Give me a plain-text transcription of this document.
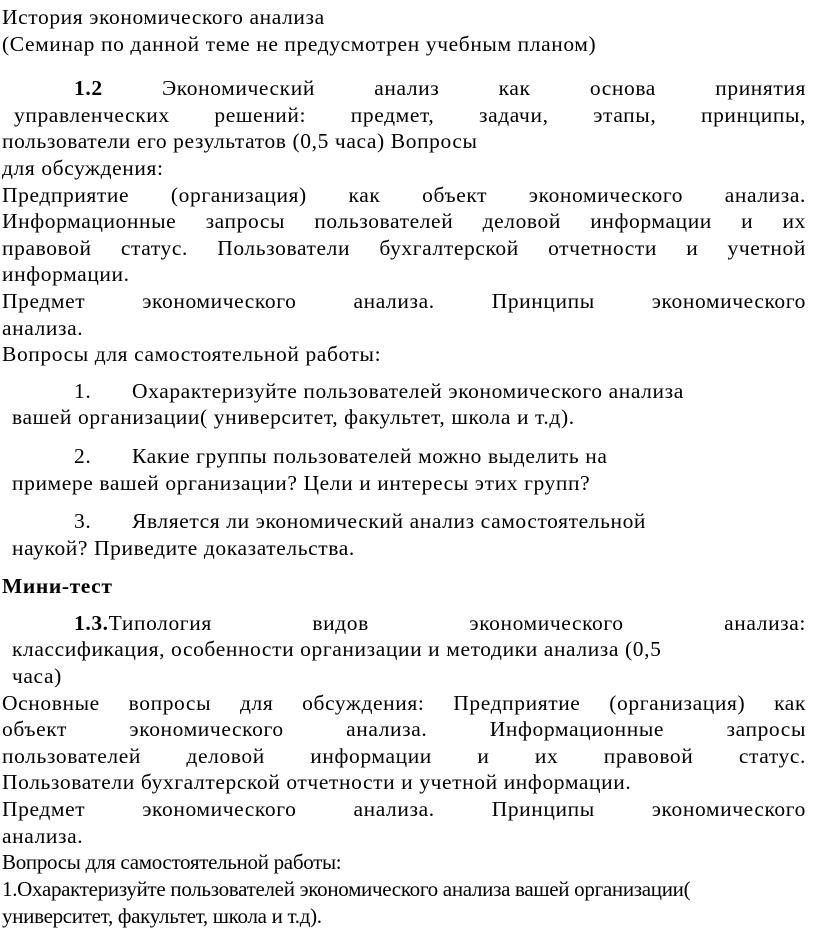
История экономического анализа
(Семинар по данной теме не предусмотрен учебным планом)
1.2 Экономический анализ как основа принятия
управленческих решений: предмет, задачи, этапы, принципы,
пользователи его результатов (0,5 часа) Вопросы
для обсуждения:
Предприятие (организация) как объект экономического анализа.
Информационные запросы пользователей деловой информации и их
правовой статус. Пользователи бухгалтерской отчетности и учетной
информации.
Предмет экономического анализа. Принципы экономического
анализа.
Вопросы для самостоятельной работы:
1. Охарактеризуйте пользователей экономического анализа
вашей организации( университет, факультет, школа и т.д).
2. Какие группы пользователей можно выделить на
примере вашей организации? Цели и интересы этих групп?
3. Является ли экономический анализ самостоятельной
наукой? Приведите доказательства.
Мини-тест
1.3.Типология видов экономического анализа:
классификация, особенности организации и методики анализа (0,5
часа)
Основные вопросы для обсуждения: Предприятие (организация) как
объект экономического анализа. Информационные запросы
пользователей деловой информации и их правовой статус.
Пользователи бухгалтерской отчетности и учетной информации.
Предмет экономического анализа. Принципы экономического
анализа.
Вопросы для самостоятельной работы:
1.Охарактеризуйте пользователей экономического анализа вашей организации(
университет, факультет, школа и т.д).
